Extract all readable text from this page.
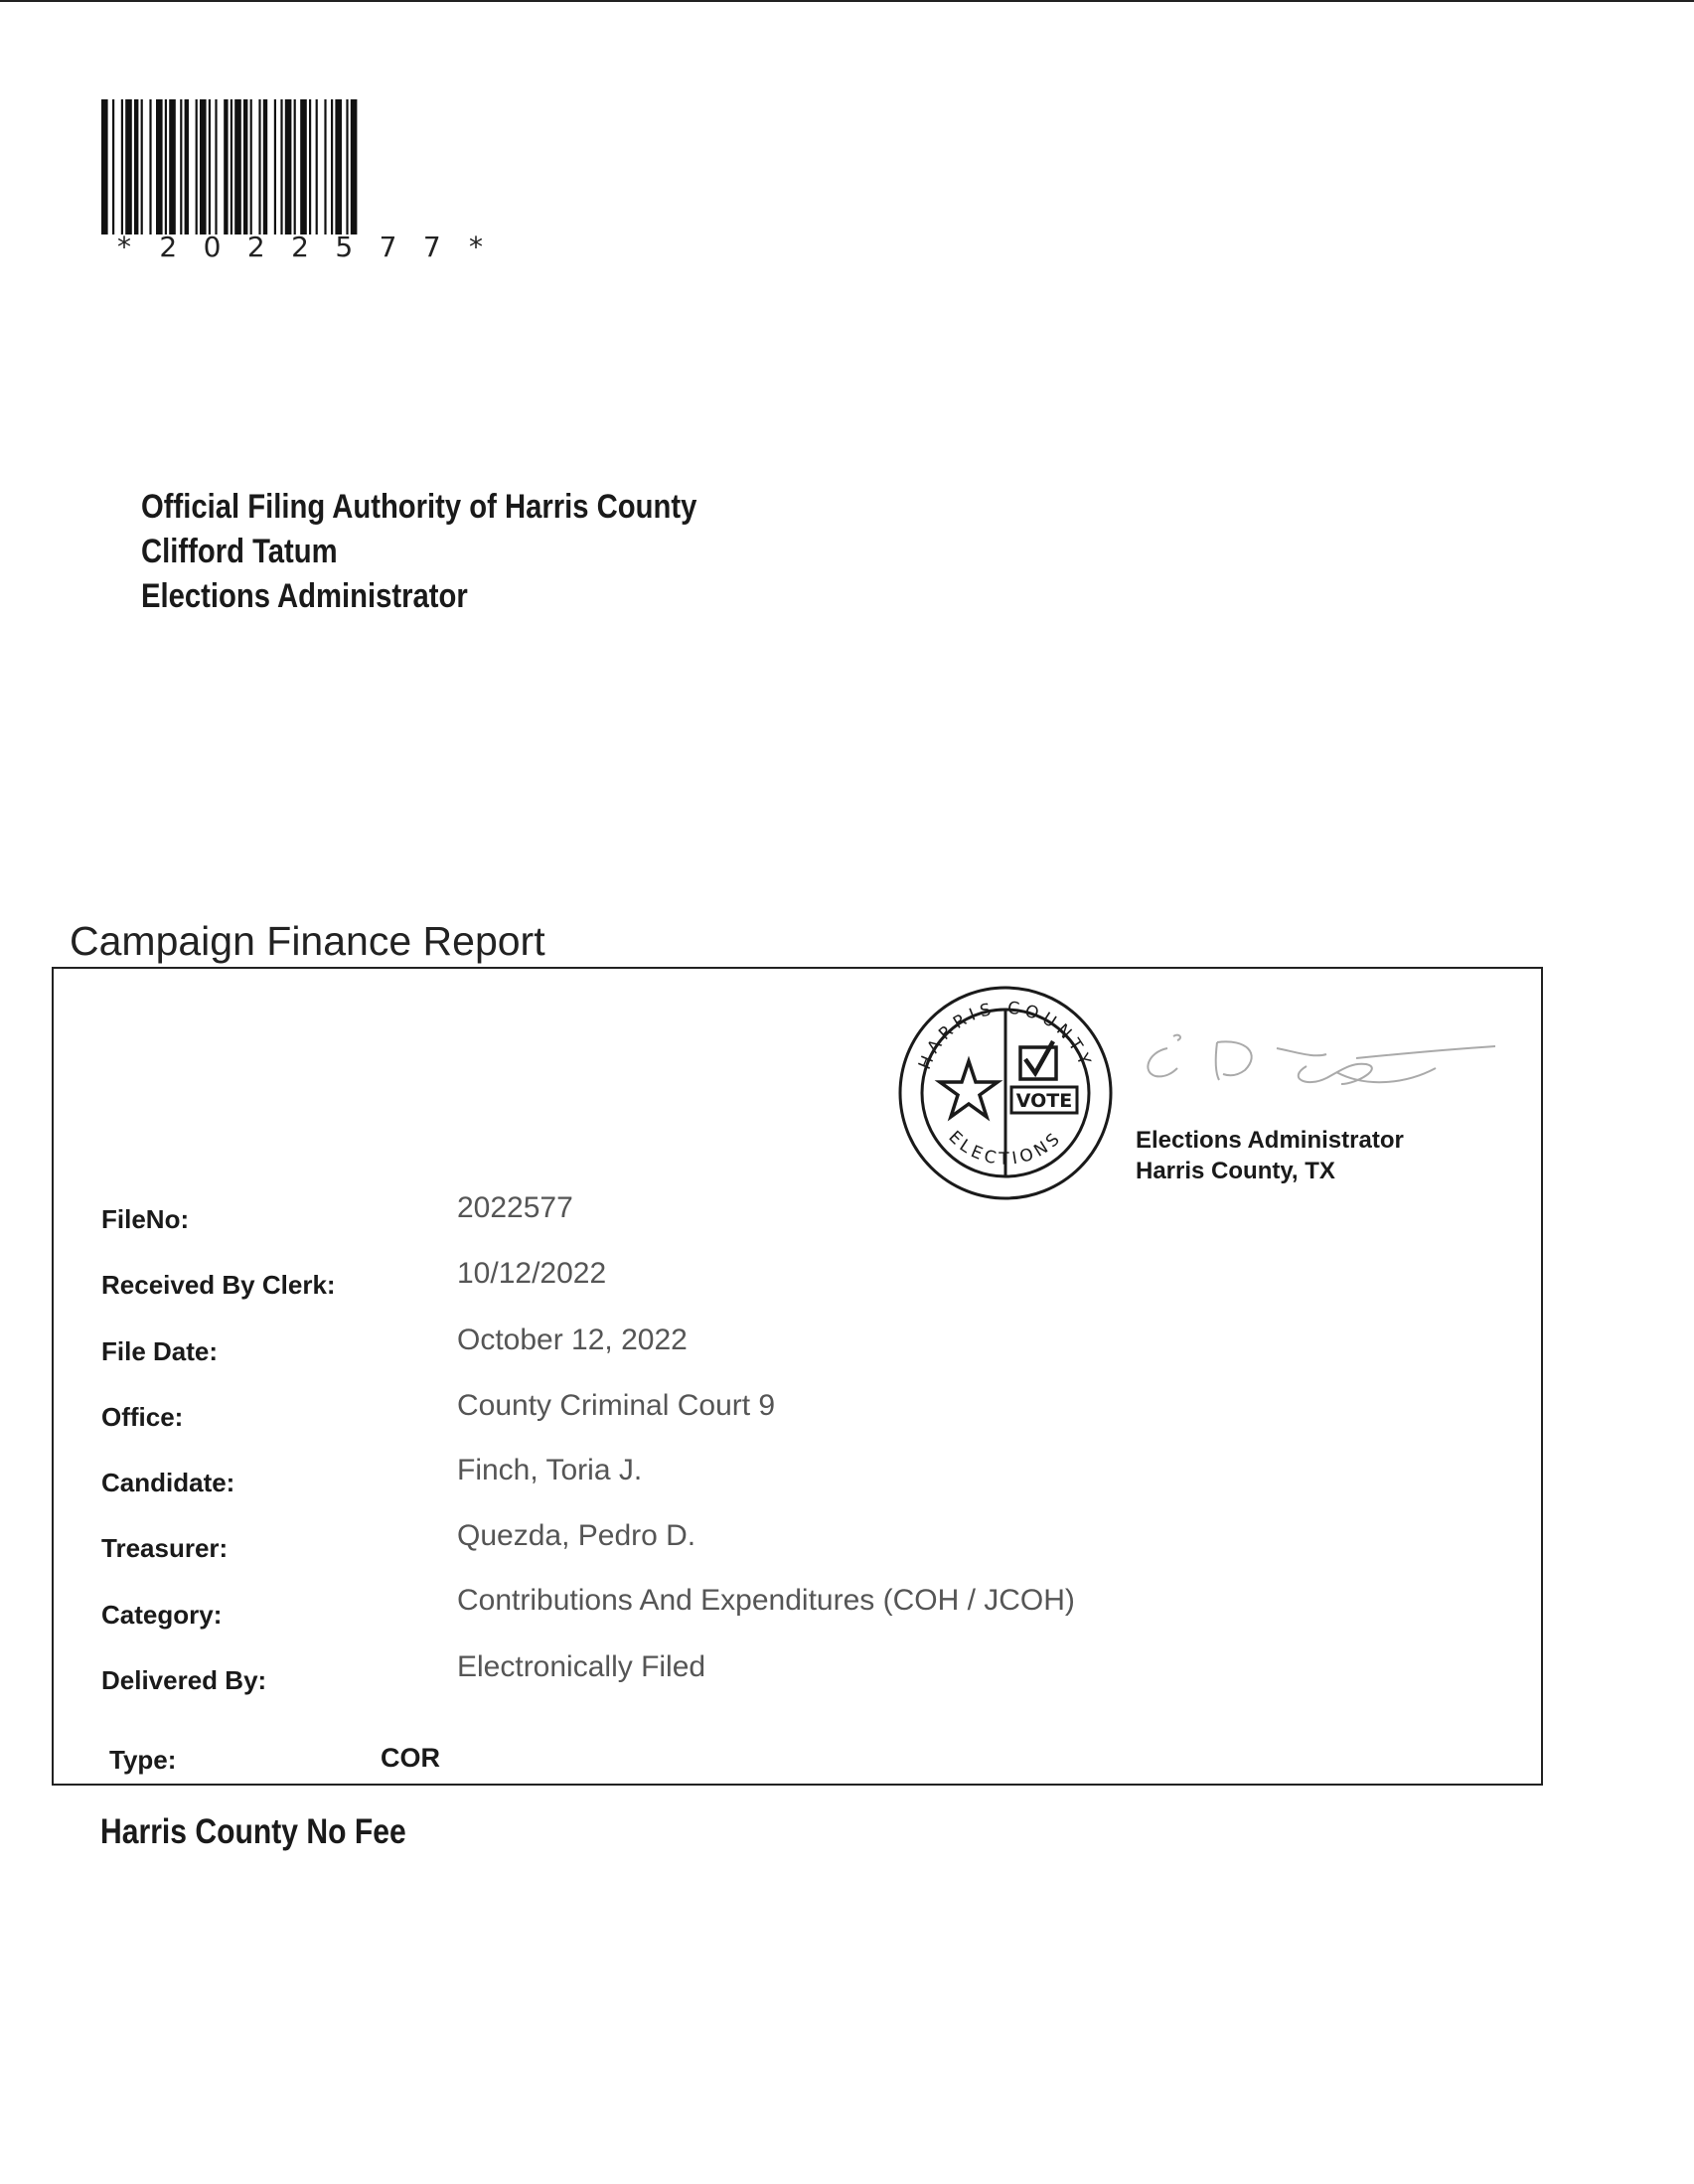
* 2 0 2 2 5 7 7 *
Official Filing Authority of Harris County
Clifford Tatum
Elections Administrator
Campaign Finance Report
HARRIS COUNTY
ELECTIONS
VOTE
Elections Administrator
Harris County, TX
FileNo:	2022577
Received By Clerk:	10/12/2022
File Date:	October 12, 2022
Office:	County Criminal Court 9
Candidate:	Finch, Toria J.
Treasurer:	Quezda, Pedro D.
Category:	Contributions And Expenditures (COH / JCOH)
Delivered By:	Electronically Filed
Type:	COR
Harris County No Fee
